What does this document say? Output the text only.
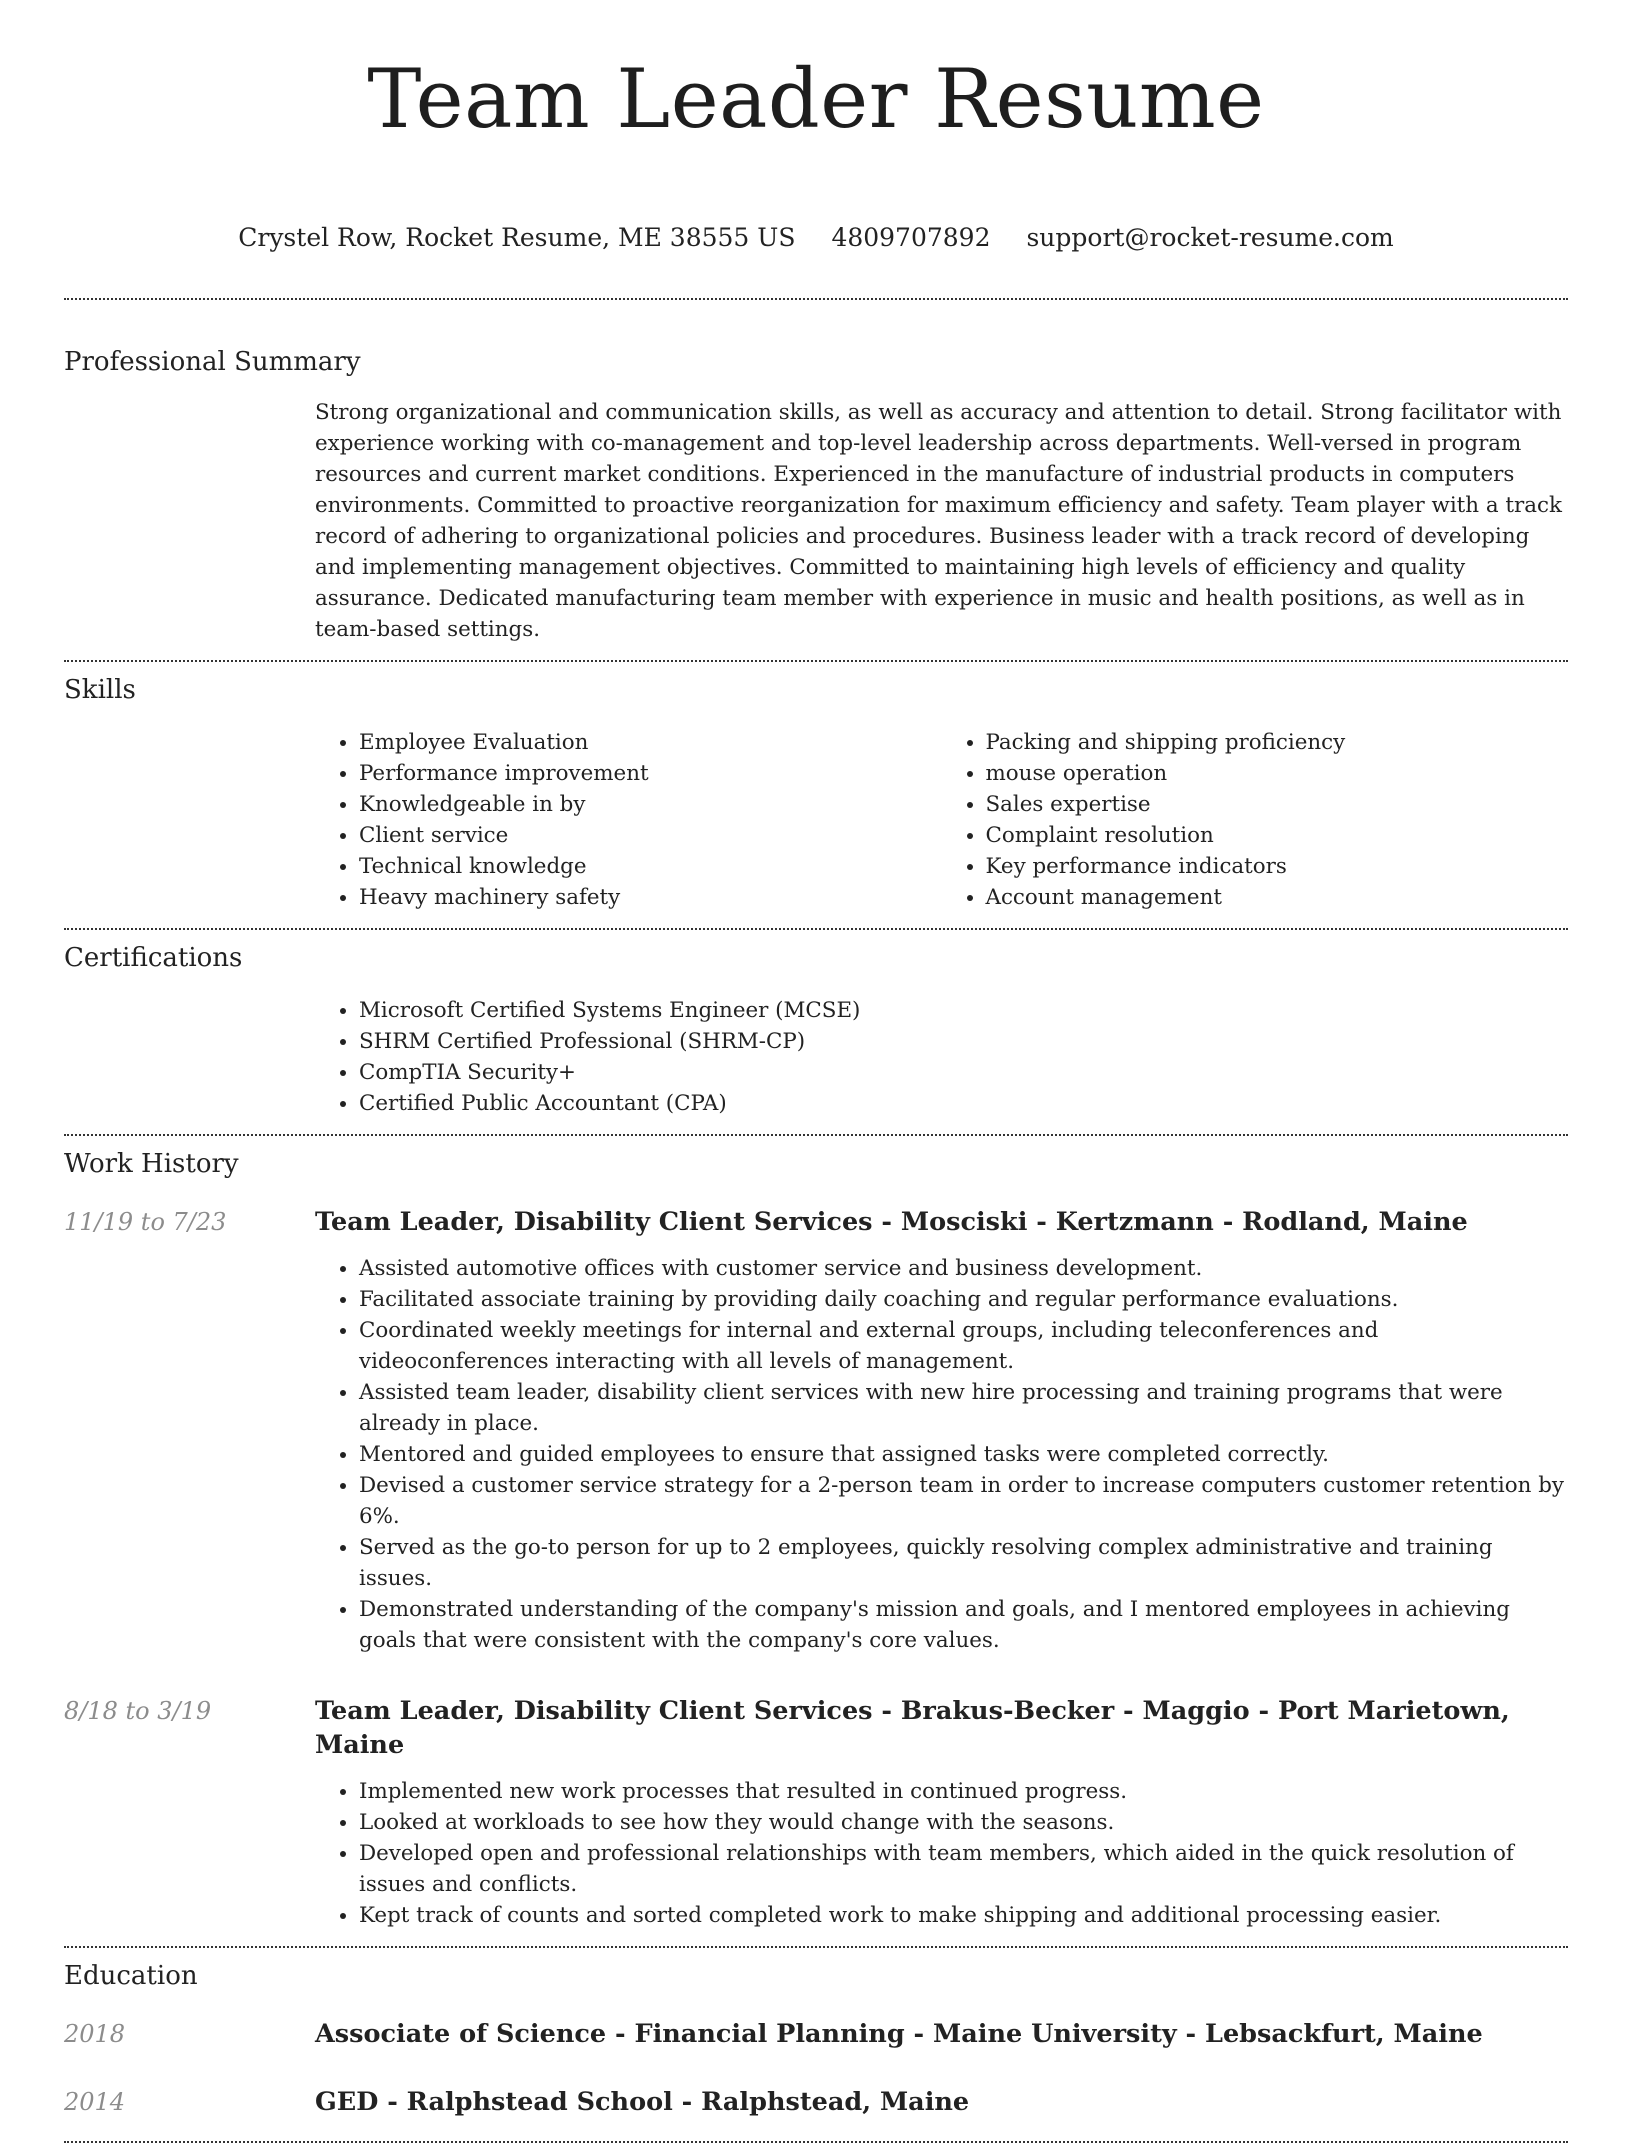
Team Leader Resume
Crystel Row, Rocket Resume, ME 38555 US 4809707892 support@rocket-resume.com
Professional Summary

Strong organizational and communication skills, as well as accuracy and attention to detail. Strong facilitator with experience working with co-management and top-level leadership across departments. Well-versed in program resources and current market conditions. Experienced in the manufacture of industrial products in computers environments. Committed to proactive reorganization for maximum efficiency and safety. Team player with a track record of adhering to organizational policies and procedures. Business leader with a track record of developing and implementing management objectives. Committed to maintaining high levels of efficiency and quality assurance. Dedicated manufacturing team member with experience in music and health positions, as well as in team-based settings.

Skills
• Employee Evaluation
• Performance improvement
• Knowledgeable in by
• Client service
• Technical knowledge
• Heavy machinery safety
• Packing and shipping proficiency
• mouse operation
• Sales expertise
• Complaint resolution
• Key performance indicators
• Account management
Certifications
• Microsoft Certified Systems Engineer (MCSE)
• SHRM Certified Professional (SHRM-CP)
• CompTIA Security+
• Certified Public Accountant (CPA)
Work History
11/19 to 7/23	Team Leader, Disability Client Services - Mosciski - Kertzmann - Rodland, Maine
• Assisted automotive offices with customer service and business development.
• Facilitated associate training by providing daily coaching and regular performance evaluations.
• Coordinated weekly meetings for internal and external groups, including teleconferences and videoconferences interacting with all levels of management.
• Assisted team leader, disability client services with new hire processing and training programs that were already in place.
• Mentored and guided employees to ensure that assigned tasks were completed correctly.
• Devised a customer service strategy for a 2-person team in order to increase computers customer retention by 6%.
• Served as the go-to person for up to 2 employees, quickly resolving complex administrative and training issues.
• Demonstrated understanding of the company's mission and goals, and I mentored employees in achieving goals that were consistent with the company's core values.
8/18 to 3/19	Team Leader, Disability Client Services - Brakus-Becker - Maggio - Port Marietown, Maine
• Implemented new work processes that resulted in continued progress.
• Looked at workloads to see how they would change with the seasons.
• Developed open and professional relationships with team members, which aided in the quick resolution of issues and conflicts.
• Kept track of counts and sorted completed work to make shipping and additional processing easier.
Education
2018	Associate of Science - Financial Planning - Maine University - Lebsackfurt, Maine
2014	GED - Ralphstead School - Ralphstead, Maine
